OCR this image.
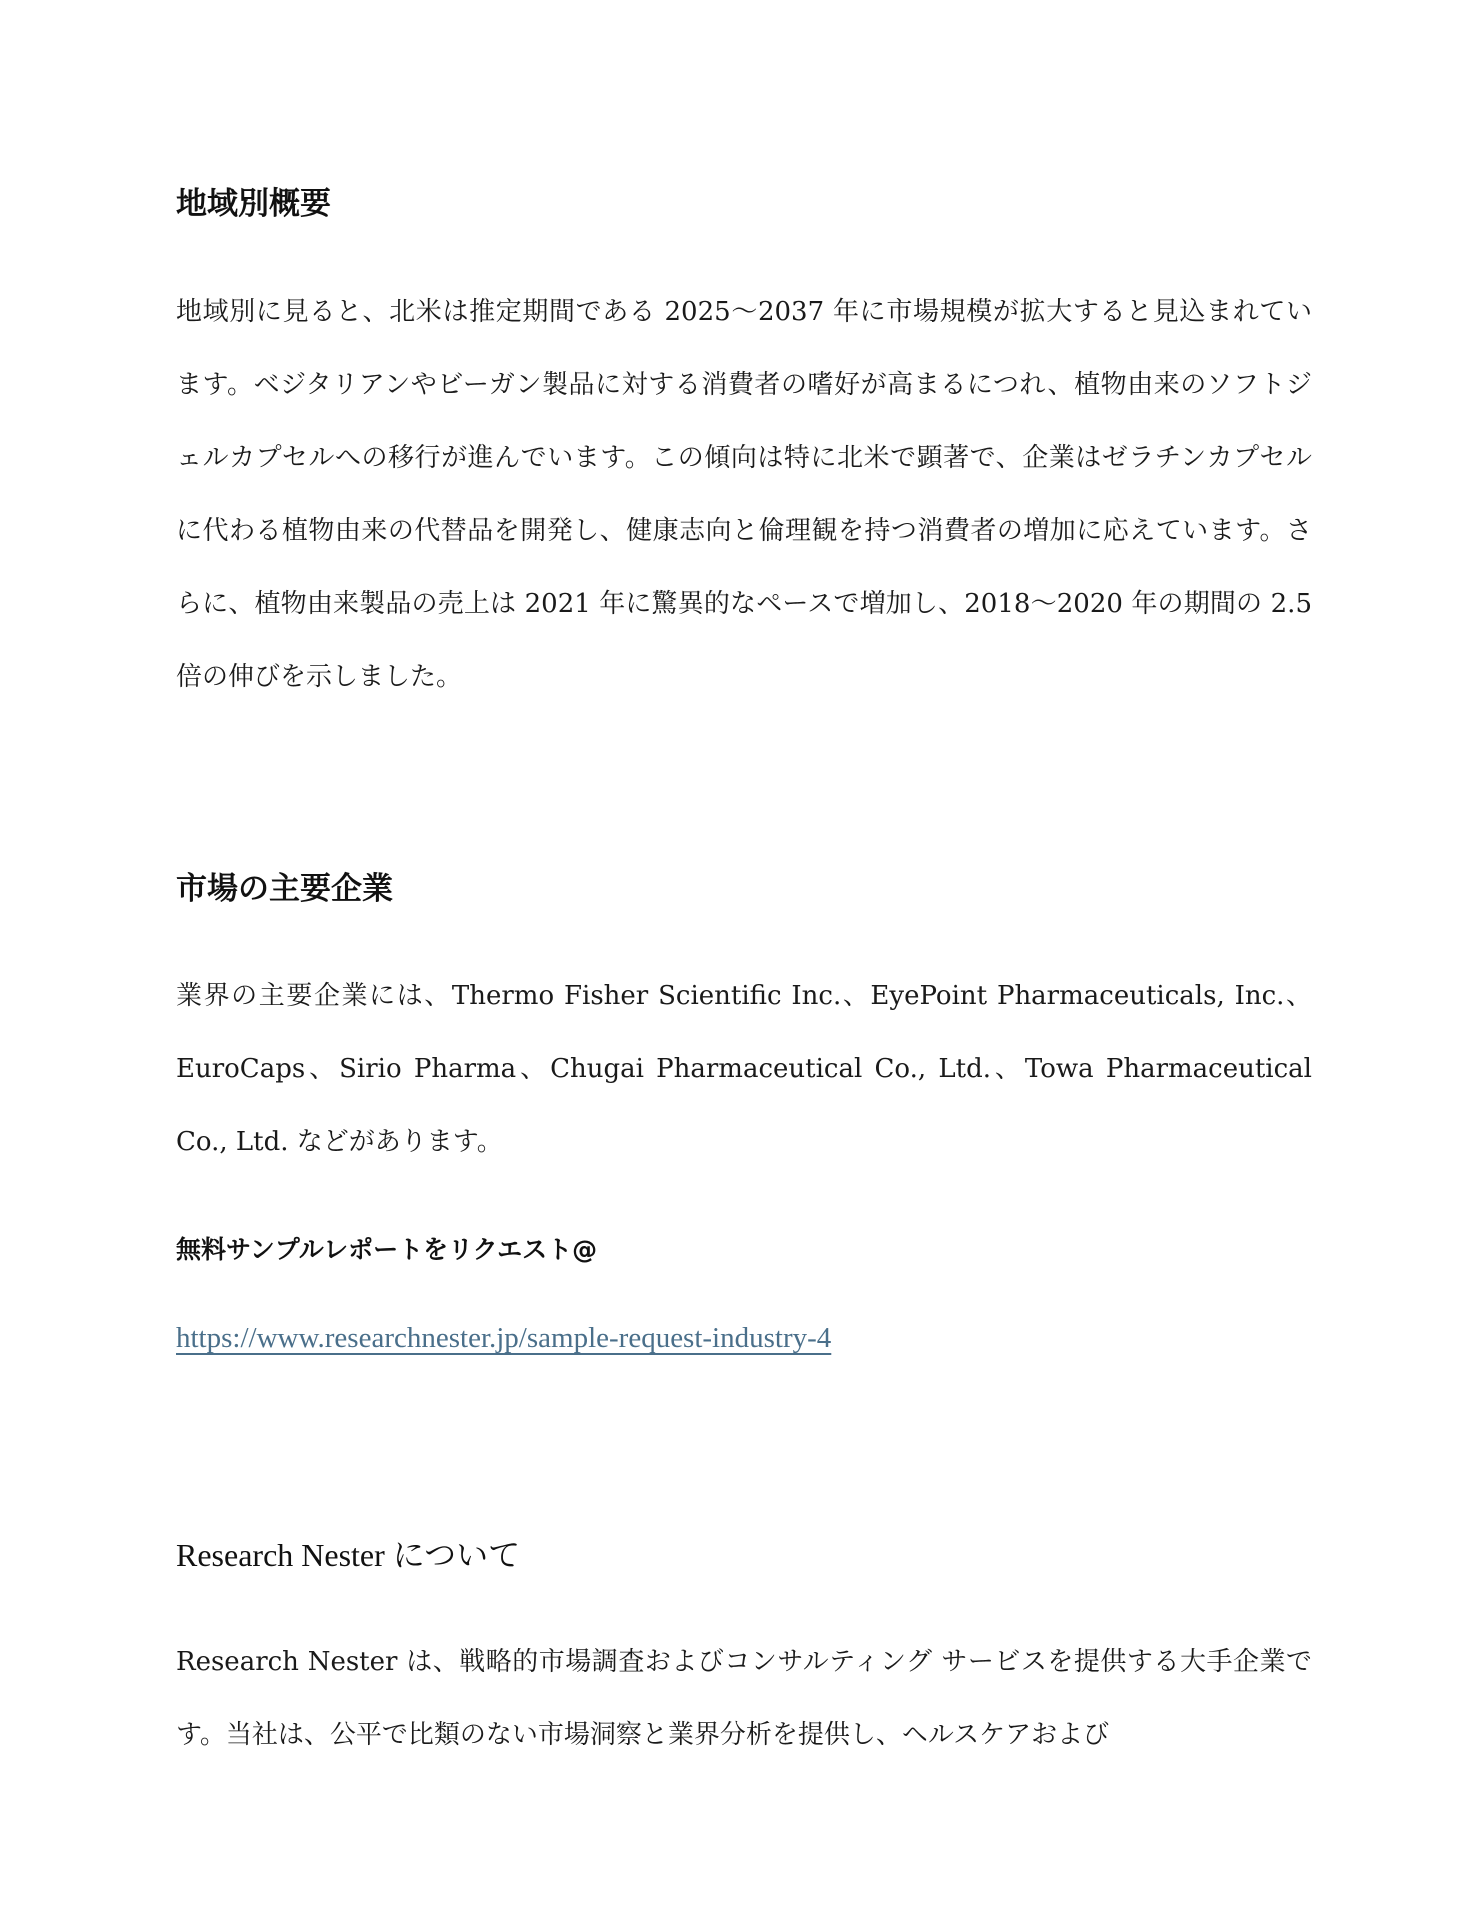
地域別概要

地域別に見ると、北米は推定期間である 2025～2037 年に市場規模が拡大すると見込まれています。ベジタリアンやビーガン製品に対する消費者の嗜好が高まるにつれ、植物由来のソフトジェルカプセルへの移行が進んでいます。この傾向は特に北米で顕著で、企業はゼラチンカプセルに代わる植物由来の代替品を開発し、健康志向と倫理観を持つ消費者の増加に応えています。さらに、植物由来製品の売上は 2021 年に驚異的なペースで増加し、2018～2020 年の期間の 2.5 倍の伸びを示しました。

市場の主要企業

業界の主要企業には、Thermo Fisher Scientific Inc.、EyePoint Pharmaceuticals, Inc.、EuroCaps、Sirio Pharma、Chugai Pharmaceutical Co., Ltd.、Towa Pharmaceutical Co., Ltd. などがあります。

無料サンプルレポートをリクエスト@
https://www.researchnester.jp/sample-request-industry-4
Research Nester について

Research Nester は、戦略的市場調査およびコンサルティング サービスを提供する大手企業です。当社は、公平で比類のない市場洞察と業界分析を提供し、ヘルスケアおよび
